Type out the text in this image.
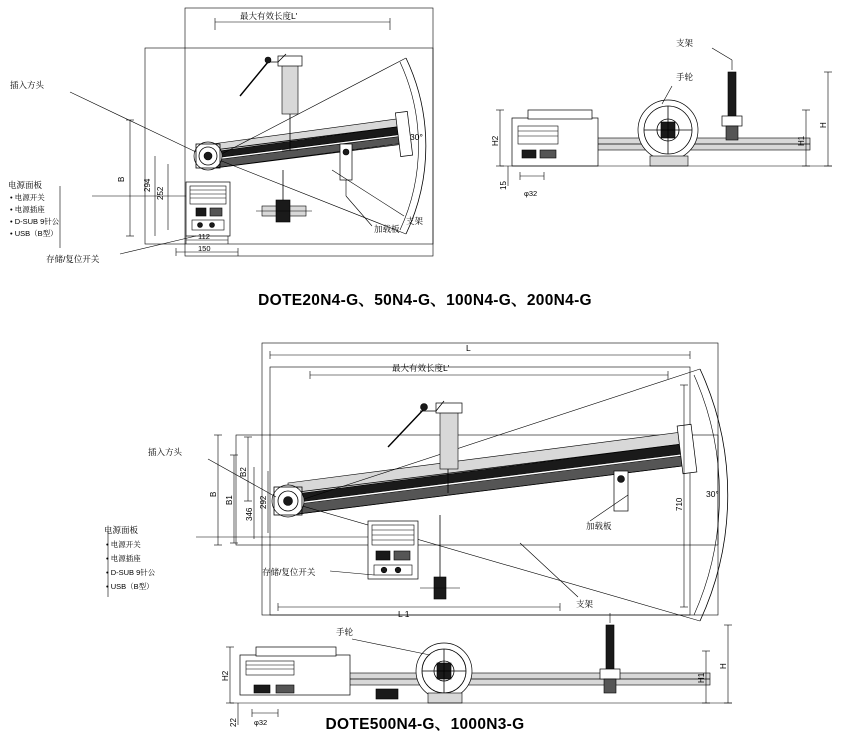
最大有效长度L'
30°
加载板
支架
电源面板
• 电源开关
• 电源插座
• D-SUB 9针公
• USB（B型）
存储/复位开关
插入方头
B 294
252
112
150
手轮
支架
H
H1
H2
15
φ32
DOTE20N4-G、50N4-G、100N4-G、200N4-G
L
最大有效长度L'
L 1
30°
加载板
支架
插入方头
电源面板
• 电源开关
• 电源插座
• D-SUB 9针公
• USB（B型）
存储/复位开关
B
B1
B2
346
292	710
手轮
H
H1
H2
22 φ32	DOTE500N4-G、1000N3-G
